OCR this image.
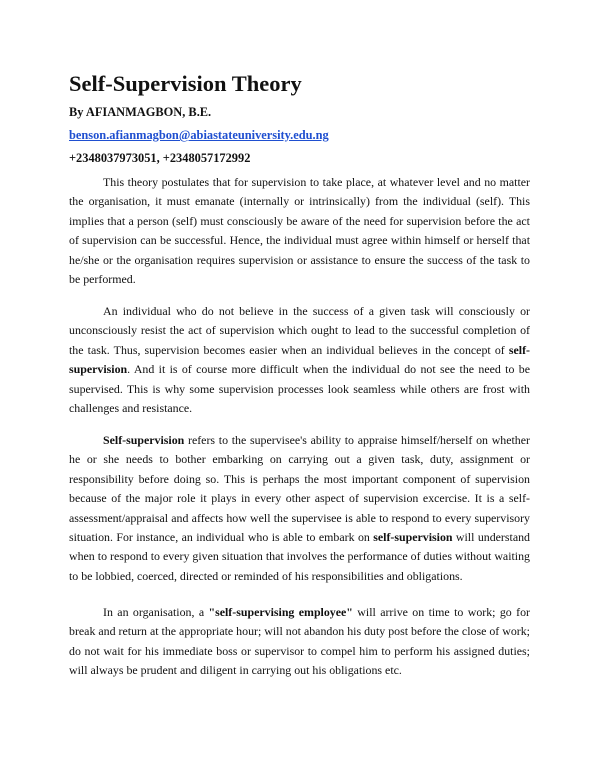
Self-Supervision Theory
By AFIANMAGBON, B.E.
benson.afianmagbon@abiastateuniversity.edu.ng
+2348037973051, +2348057172992

This theory postulates that for supervision to take place, at whatever level and no matter the organisation, it must emanate (internally or intrinsically) from the individual (self). This implies that a person (self) must consciously be aware of the need for supervision before the act of supervision can be successful. Hence, the individual must agree within himself or herself that he/she or the organisation requires supervision or assistance to ensure the success of the task to be performed.

An individual who do not believe in the success of a given task will consciously or unconsciously resist the act of supervision which ought to lead to the successful completion of the task. Thus, supervision becomes easier when an individual believes in the concept of self-supervision. And it is of course more difficult when the individual do not see the need to be supervised. This is why some supervision processes look seamless while others are frost with challenges and resistance.

Self-supervision refers to the supervisee's ability to appraise himself/herself on whether he or she needs to bother embarking on carrying out a given task, duty, assignment or responsibility before doing so. This is perhaps the most important component of supervision because of the major role it plays in every other aspect of supervision excercise. It is a self-assessment/appraisal and affects how well the supervisee is able to respond to every supervisory situation. For instance, an individual who is able to embark on self-supervision will understand when to respond to every given situation that involves the performance of duties without waiting to be lobbied, coerced, directed or reminded of his responsibilities and obligations.

In an organisation, a "self-supervising employee" will arrive on time to work; go for break and return at the appropriate hour; will not abandon his duty post before the close of work; do not wait for his immediate boss or supervisor to compel him to perform his assigned duties; will always be prudent and diligent in carrying out his obligations etc.
